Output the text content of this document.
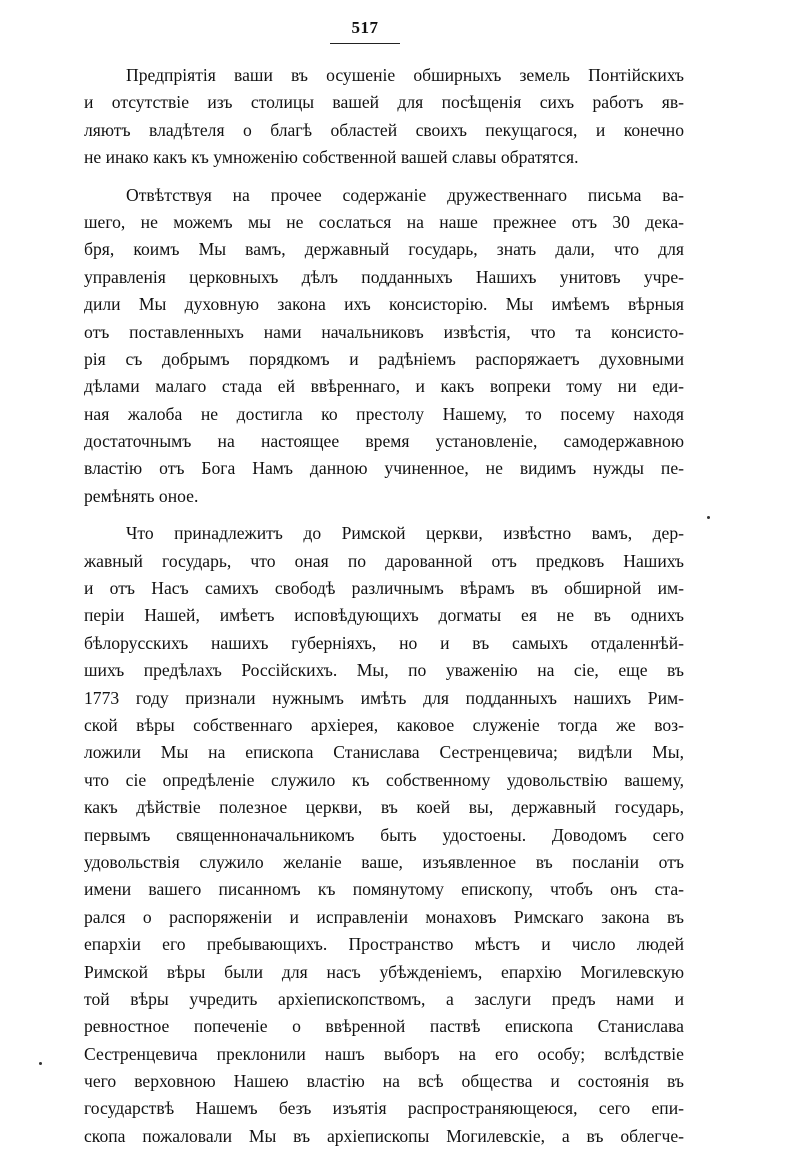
517
Предпріятія ваши въ осушеніе обширныхъ земель Понтійскихъ
и отсутствіе изъ столицы вашей для посѣщенія сихъ работъ яв-
ляютъ владѣтеля о благѣ областей своихъ пекущагося, и конечно
не инако какъ къ умноженію собственной вашей славы обратятся.
Отвѣтствуя на прочее содержаніе дружественнаго письма ва-
шего, не можемъ мы не сослаться на наше прежнее отъ 30 дека-
бря, коимъ Мы вамъ, державный государь, знать дали, что для
управленія церковныхъ дѣлъ подданныхъ Нашихъ унитовъ учре-
дили Мы духовную закона ихъ консисторію. Мы имѣемъ вѣрныя
отъ поставленныхъ нами начальниковъ извѣстія, что та консисто-
рія съ добрымъ порядкомъ и радѣніемъ распоряжаетъ духовными
дѣлами малаго стада ей ввѣреннаго, и какъ вопреки тому ни еди-
ная жалоба не достигла ко престолу Нашему, то посему находя
достаточнымъ на настоящее время установленіе, самодержавною
властію отъ Бога Намъ данною учиненное, не видимъ нужды пе-
ремѣнять оное.
Что принадлежитъ до Римской церкви, извѣстно вамъ, дер-
жавный государь, что оная по дарованной отъ предковъ Нашихъ
и отъ Насъ самихъ свободѣ различнымъ вѣрамъ въ обширной им-
періи Нашей, имѣетъ исповѣдующихъ догматы ея не въ однихъ
бѣлорусскихъ нашихъ губерніяхъ, но и въ самыхъ отдаленнѣй-
шихъ предѣлахъ Россійскихъ. Мы, по уваженію на сіе, еще въ
1773 году признали нужнымъ имѣть для подданныхъ нашихъ Рим-
ской вѣры собственнаго архіерея, каковое служеніе тогда же воз-
ложили Мы на епископа Станислава Сестренцевича; видѣли Мы,
что сіе опредѣленіе служило къ собственному удовольствію вашему,
какъ дѣйствіе полезное церкви, въ коей вы, державный государь,
первымъ священноначальникомъ быть удостоены. Доводомъ сего
удовольствія служило желаніе ваше, изъявленное въ посланіи отъ
имени вашего писанномъ къ помянутому епископу, чтобъ онъ ста-
рался о распоряженіи и исправленіи монаховъ Римскаго закона въ
епархіи его пребывающихъ. Пространство мѣстъ и число людей
Римской вѣры были для насъ убѣжденіемъ, епархію Могилевскую
той вѣры учредить архіепископствомъ, а заслуги предъ нами и
ревностное попеченіе о ввѣренной паствѣ епископа Станислава
Сестренцевича преклонили нашъ выборъ на его особу; вслѣдствіе
чего верховною Нашею властію на всѣ общества и состоянія въ
государствѣ Нашемъ безъ изъятія распространяющеюся, сего епи-
скопа пожаловали Мы въ архіепископы Могилевскіе, а въ облегче-
